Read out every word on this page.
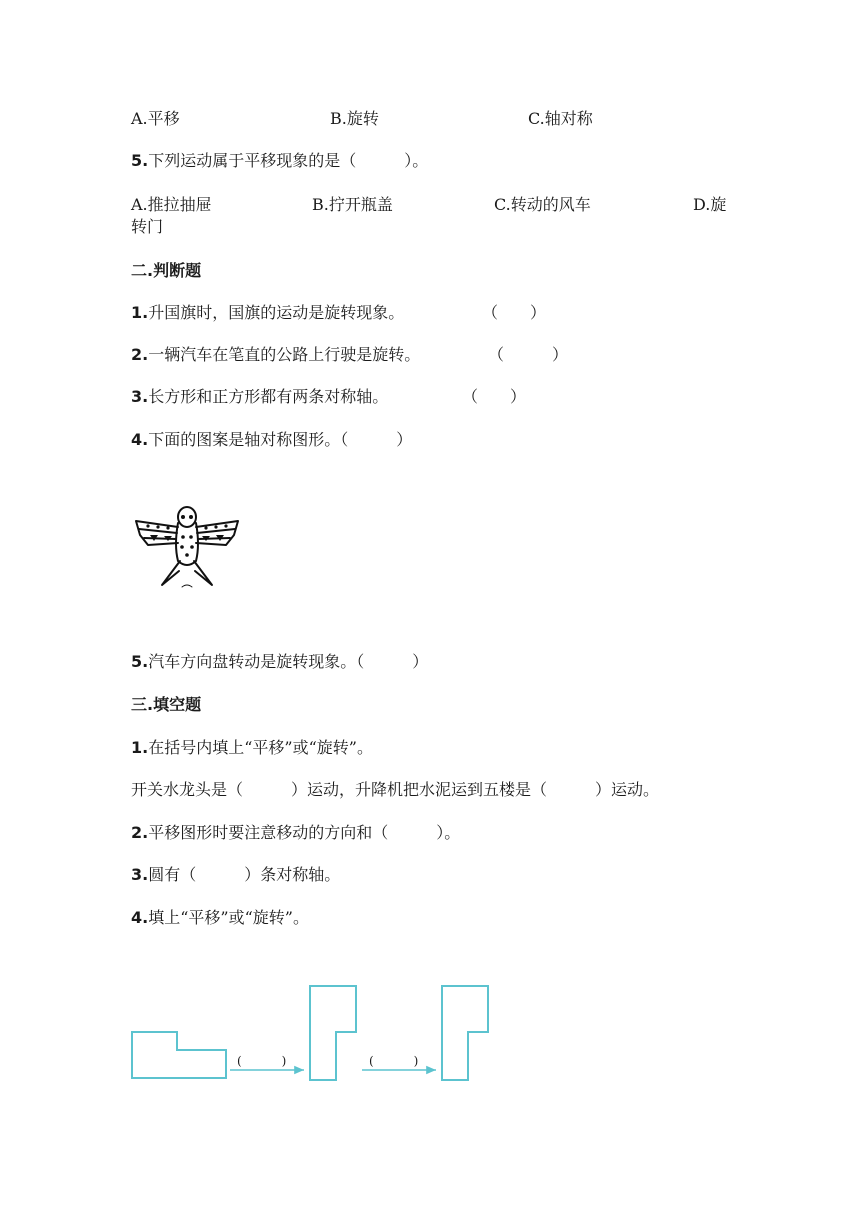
A.平移	B.旋转	C.轴对称
5.下列运动属于平移现象的是（　　　）。
A.推拉抽屉	B.拧开瓶盖	C.转动的风车	D.旋
转门
二.判断题
1.升国旗时，国旗的运动是旋转现象。	（　　）
2.一辆汽车在笔直的公路上行驶是旋转。	（　　　）
3.长方形和正方形都有两条对称轴。	（　　）
4.下面的图案是轴对称图形。（　　　）
5.汽车方向盘转动是旋转现象。（　　　）
三.填空题
1.在括号内填上“平移”或“旋转”。
开关水龙头是（　　　）运动，升降机把水泥运到五楼是（　　　）运动。
2.平移图形时要注意移动的方向和（　　　）。
3.圆有（　　　）条对称轴。
4.填上“平移”或“旋转”。
(　　　)	(　　　)
